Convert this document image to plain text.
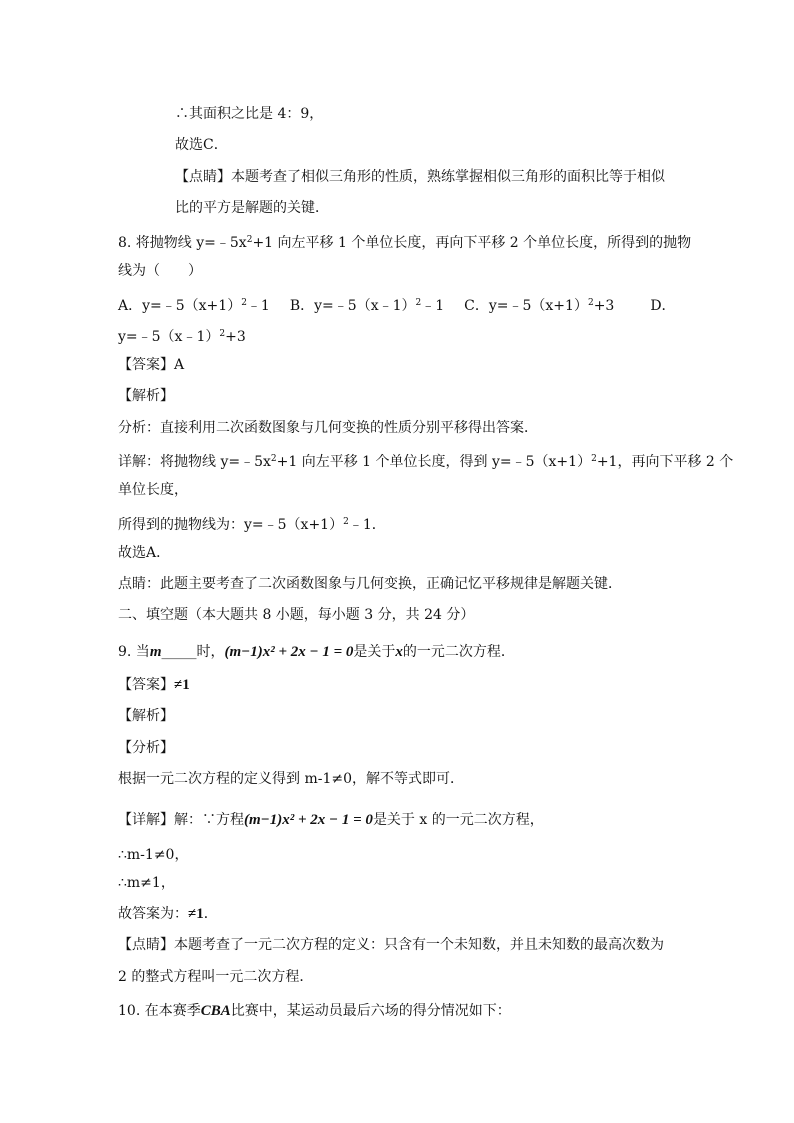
∴其面积之比是 4：9，
故选C．
【点睛】本题考查了相似三角形的性质，熟练掌握相似三角形的面积比等于相似
比的平方是解题的关键．
8. 将抛物线 $y=﹣5x^2+1$ 向左平移 1 个单位长度，再向下平移 2 个单位长度，所得到的抛物
线为（　　）
A．$y=﹣5(x+1)^2﹣1$ B．y=﹣5（x﹣1）$^2$﹣1 C．$y=﹣5(x+1)^2+3$	D．
y=﹣5（x﹣1）$^2$+3
【答案】A
【解析】
分析：直接利用二次函数图象与几何变换的性质分别平移得出答案．
详解：将抛物线 $y=﹣5x^2+1$ 向左平移 1 个单位长度，得到 $y=﹣5(x+1)^2+1$，再向下平移 2 个
单位长度，
所得到的抛物线为：$y=﹣5(x+1)^2﹣1$．
故选A．
点睛：此题主要考查了二次函数图象与几何变换，正确记忆平移规律是解题关键．
二、填空题（本大题共 8 小题，每小题 3 分，共 24 分）
9. 当m_____时，(m−1)x² + 2x − 1 = 0是关于x的一元二次方程．
【答案】≠1
【解析】
【分析】
根据一元二次方程的定义得到 m-1≠0，解不等式即可．
【详解】解：∵方程(m−1)x² + 2x − 1 = 0是关于 x 的一元二次方程，
∴m-1≠0，
∴m≠1，
故答案为：≠1．
【点睛】本题考查了一元二次方程的定义：只含有一个未知数，并且未知数的最高次数为
2 的整式方程叫一元二次方程．
10. 在本赛季CBA比赛中，某运动员最后六场的得分情况如下：
